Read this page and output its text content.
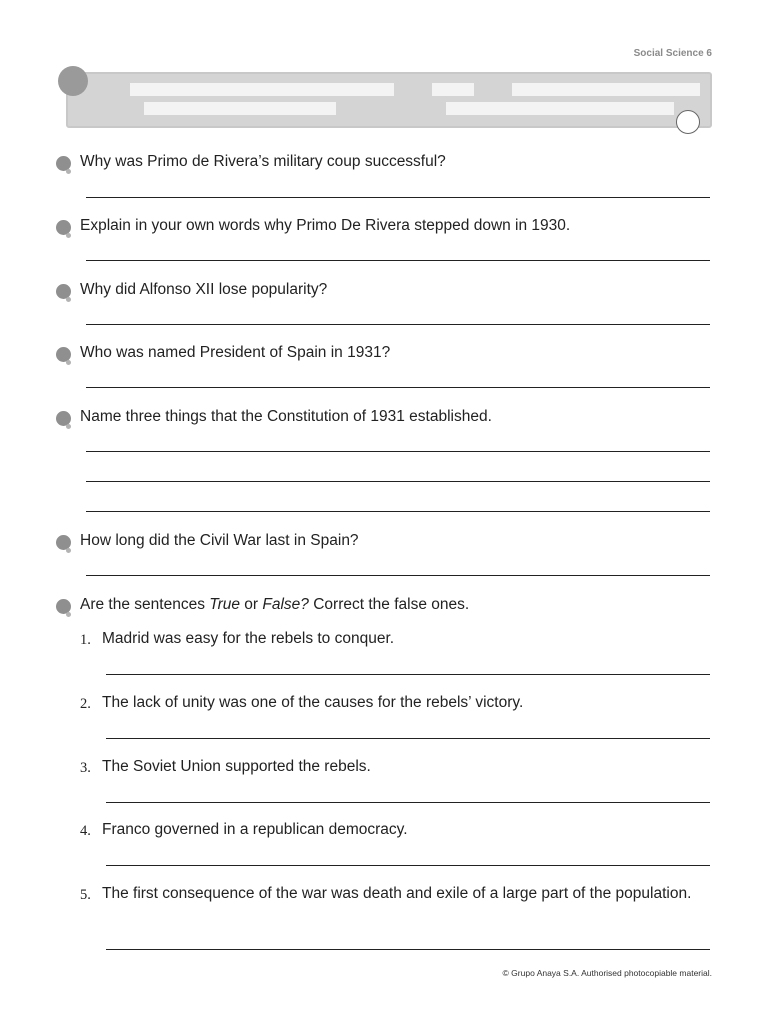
Social Science 6
Why was Primo de Rivera’s military coup successful?
Explain in your own words why Primo De Rivera stepped down in 1930.
Why did Alfonso XII lose popularity?
Who was named President of Spain in 1931?
Name three things that the Constitution of 1931 established.
How long did the Civil War last in Spain?
Are the sentences True or False? Correct the false ones.
1. Madrid was easy for the rebels to conquer.
2. The lack of unity was one of the causes for the rebels’ victory.
3. The Soviet Union supported the rebels.
4. Franco governed in a republican democracy.
5. The first consequence of the war was death and exile of a large part of the population.
© Grupo Anaya S.A. Authorised photocopiable material.
